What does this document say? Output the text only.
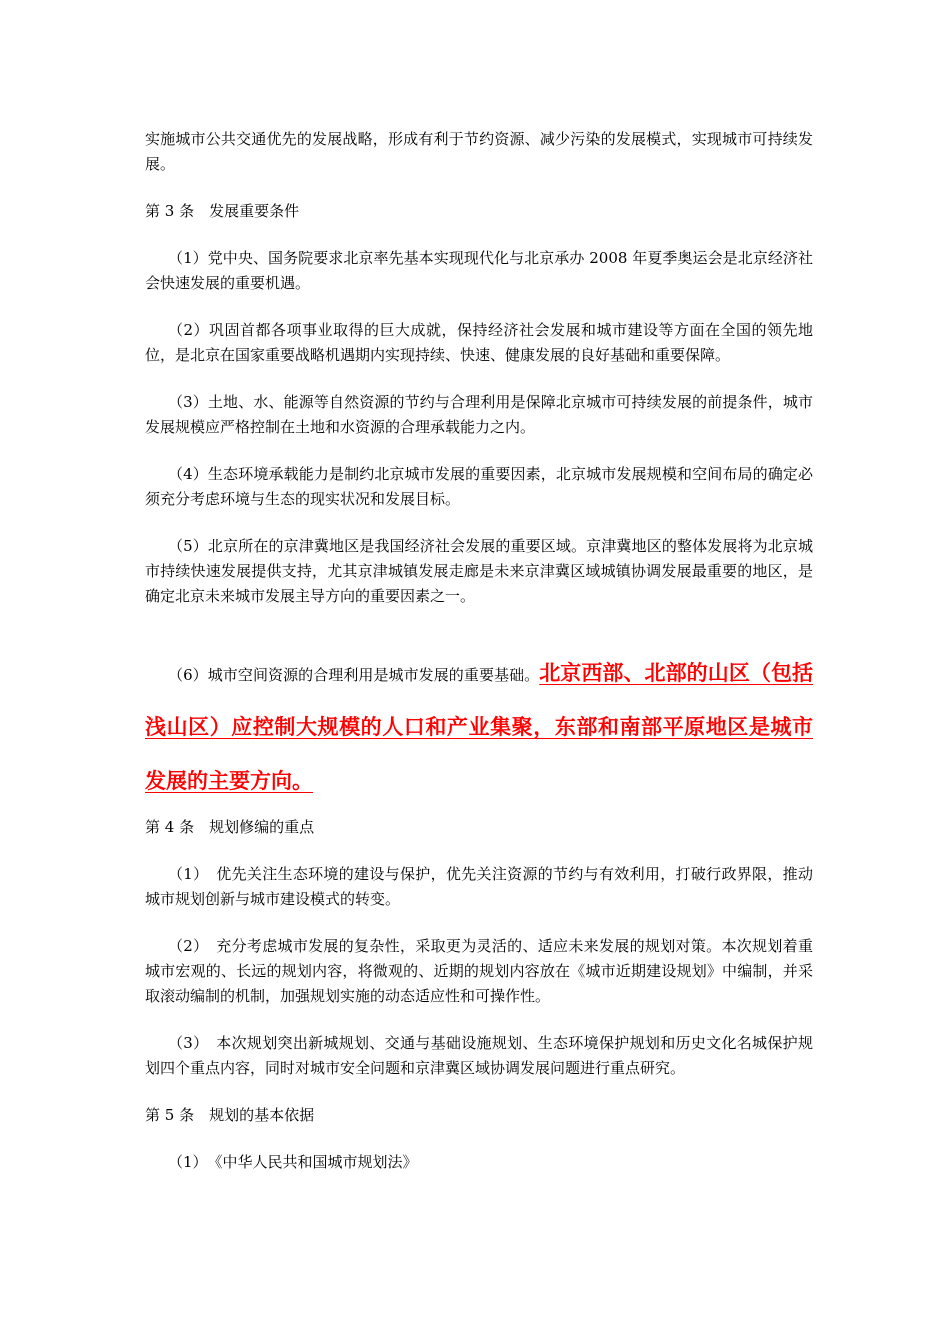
实施城市公共交通优先的发展战略，形成有利于节约资源、减少污染的发展模式，实现城市可持续发展。

第 3 条　发展重要条件

（1）党中央、国务院要求北京率先基本实现现代化与北京承办 2008 年夏季奥运会是北京经济社会快速发展的重要机遇。

（2）巩固首都各项事业取得的巨大成就，保持经济社会发展和城市建设等方面在全国的领先地位，是北京在国家重要战略机遇期内实现持续、快速、健康发展的良好基础和重要保障。

（3）土地、水、能源等自然资源的节约与合理利用是保障北京城市可持续发展的前提条件，城市发展规模应严格控制在土地和水资源的合理承载能力之内。

（4）生态环境承载能力是制约北京城市发展的重要因素，北京城市发展规模和空间布局的确定必须充分考虑环境与生态的现实状况和发展目标。

（5）北京所在的京津冀地区是我国经济社会发展的重要区域。京津冀地区的整体发展将为北京城市持续快速发展提供支持，尤其京津城镇发展走廊是未来京津冀区域城镇协调发展最重要的地区，是确定北京未来城市发展主导方向的重要因素之一。

（6）城市空间资源的合理利用是城市发展的重要基础。北京西部、北部的山区（包括浅山区）应控制大规模的人口和产业集聚，东部和南部平原地区是城市发展的主要方向。

第 4 条　规划修编的重点

（1）　优先关注生态环境的建设与保护，优先关注资源的节约与有效利用，打破行政界限，推动城市规划创新与城市建设模式的转变。

（2）　充分考虑城市发展的复杂性，采取更为灵活的、适应未来发展的规划对策。本次规划着重城市宏观的、长远的规划内容，将微观的、近期的规划内容放在《城市近期建设规划》中编制，并采取滚动编制的机制，加强规划实施的动态适应性和可操作性。

（3）　本次规划突出新城规划、交通与基础设施规划、生态环境保护规划和历史文化名城保护规划四个重点内容，同时对城市安全问题和京津冀区域协调发展问题进行重点研究。

第 5 条　规划的基本依据

（1）　《中华人民共和国城市规划法》
